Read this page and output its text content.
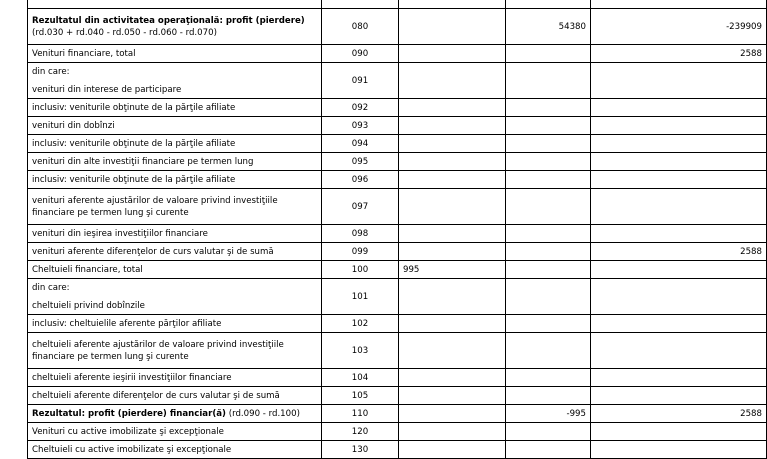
Rezultatul din activitatea operaţională: profit (pierdere)
(rd.030 + rd.040 - rd.050 - rd.060 - rd.070)	080		54380	-239909
Venituri financiare, total	090			2588
din care:
venituri din interese de participare	091			
inclusiv: veniturile obţinute de la părţile afiliate	092			
venituri din dobînzi	093			
inclusiv: veniturile obţinute de la părţile afiliate	094			
venituri din alte investiţii financiare pe termen lung	095			
inclusiv: veniturile obţinute de la părţile afiliate	096			
venituri aferente ajustărilor de valoare privind investiţiile financiare pe termen lung şi curente	097			
venituri din ieşirea investiţiilor financiare	098			
venituri aferente diferenţelor de curs valutar şi de sumă	099			2588
Cheltuieli financiare, total	100	995		
din care:
cheltuieli privind dobînzile	101			
inclusiv: cheltuielile aferente părţilor afiliate	102			
cheltuieli aferente ajustărilor de valoare privind investiţiile financiare pe termen lung şi curente	103			
cheltuieli aferente ieşirii investiţiilor financiare	104			
cheltuieli aferente diferenţelor de curs valutar şi de sumă	105			
Rezultatul: profit (pierdere) financiar(ă) (rd.090 - rd.100)	110		-995	2588
Venituri cu active imobilizate şi excepţionale	120			
Cheltuieli cu active imobilizate şi excepţionale	130			
